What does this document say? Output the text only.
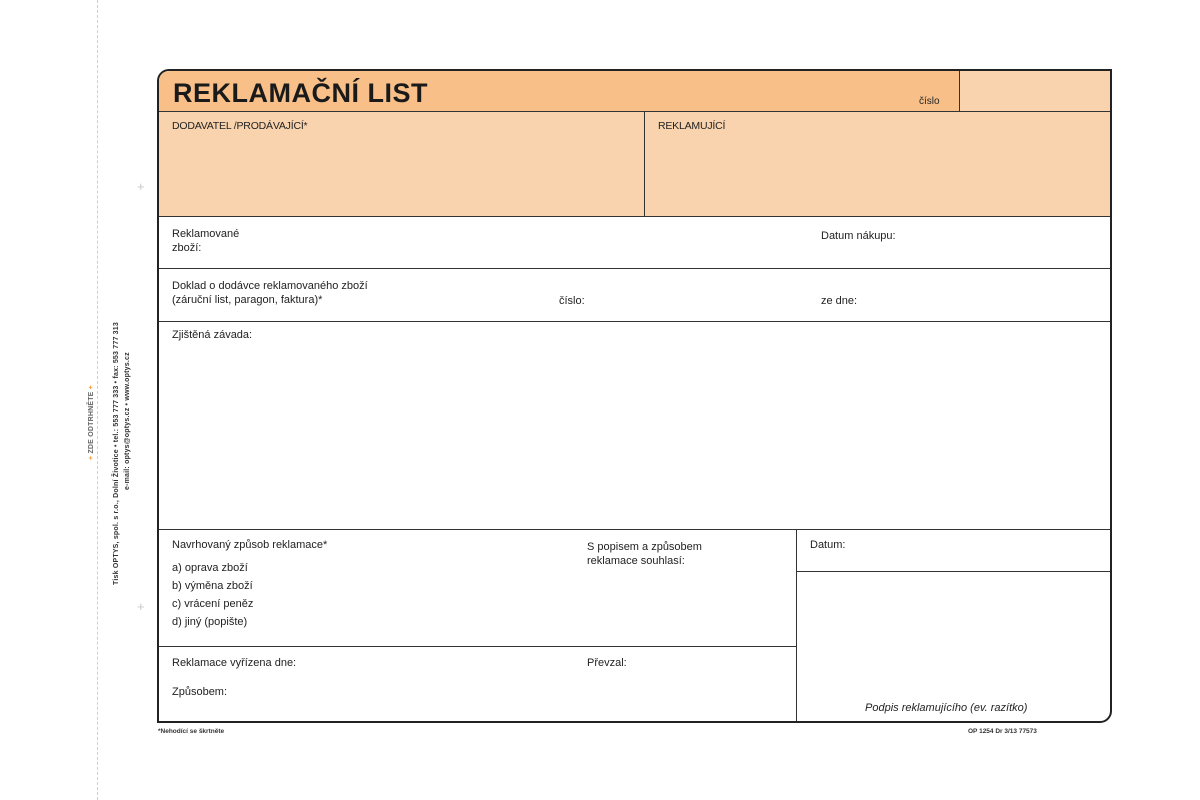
+
+
+ ZDE ODTRHNĚTE +	Tisk OPTYS, spol. s r.o., Dolní Životice • tel.: 553 777 333 • fax: 553 777 313 e-mail: optys@optys.cz • www.optys.cz
REKLAMAČNÍ LIST	číslo
DODAVATEL /PRODÁVAJÍCÍ*	REKLAMUJÍCÍ
Reklamované
zboží:
Datum nákupu:
Doklad o dodávce reklamovaného zboží
(záruční list, paragon, faktura)*	číslo:	ze dne:
Zjištěná závada:
Navrhovaný způsob reklamace*
a) oprava zboží
b) výměna zboží
c) vrácení peněz
d) jiný (popište)
S popisem a způsobem
reklamace souhlasí:
Datum:
Reklamace vyřízena dne:	Převzal:
Způsobem:
Podpis reklamujícího (ev. razítko)
*Nehodící se škrtněte	OP 1254 Dr 3/13 77573
